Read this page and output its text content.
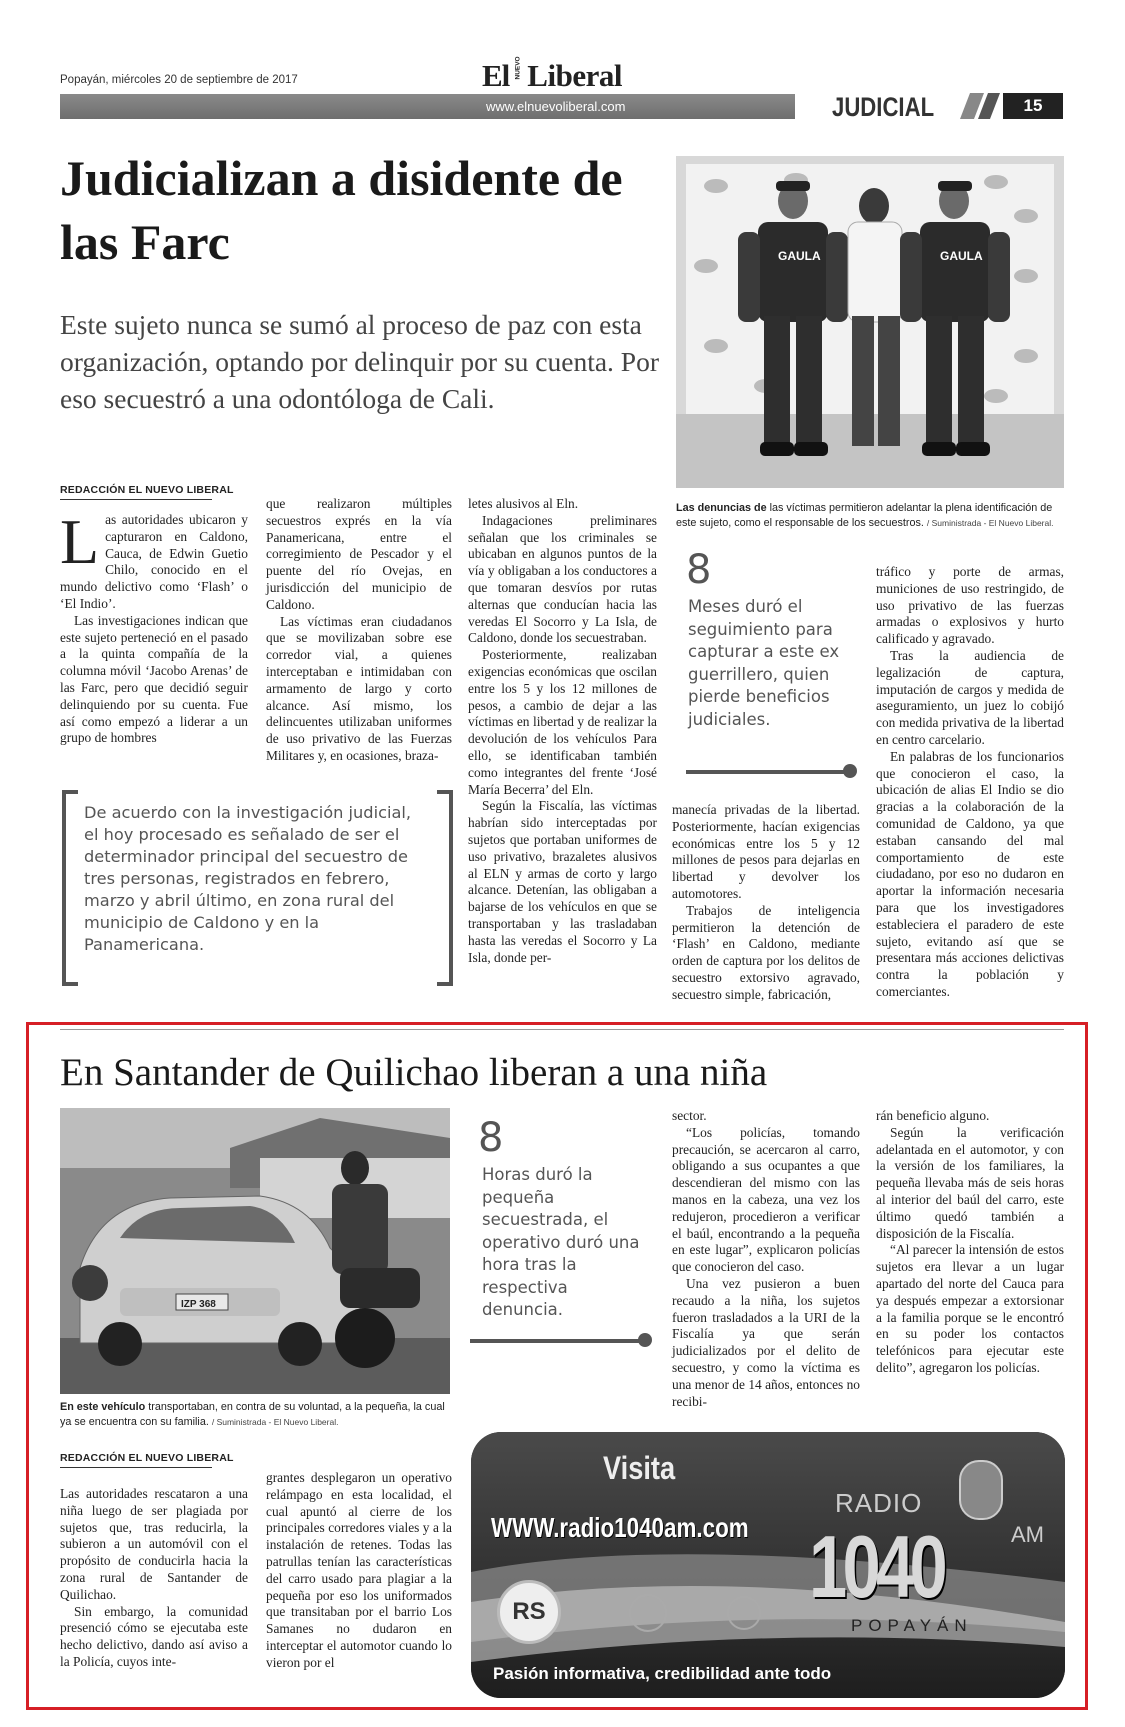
Popayán, miércoles 20 de septiembre de 2017	El NUEVO Liberal
www.elnuevoliberal.com	JUDICIAL	15
Judicializan a disidente de las Farc
Este sujeto nunca se sumó al proceso de paz con esta organización, optando por delinquir por su cuenta. Por eso secuestró a una odontóloga de Cali.
GAULA	GAULA
Las denuncias de las víctimas permitieron adelantar la plena identificación de este sujeto, como el responsable de los secuestros. / Suministrada - El Nuevo Liberal.
REDACCIÓN EL NUEVO LIBERAL

Las autoridades ubicaron y capturaron en Caldono, Cauca, de Edwin Guetio Chilo, conocido en el mundo delictivo como ‘Flash’ o ‘El Indio’.

Las investigaciones indican que este sujeto perteneció en el pasado a la quinta compañía de la columna móvil ‘Jacobo Arenas’ de las Farc, pero que decidió seguir delinquiendo por su cuenta. Fue así como empezó a liderar a un grupo de hombres

que realizaron múltiples secuestros exprés en la vía Panamericana, entre el corregimiento de Pescador y el puente del río Ovejas, en jurisdicción del municipio de Caldono.

Las víctimas eran ciudadanos que se movilizaban sobre ese corredor vial, a quienes interceptaban e intimidaban con armamento de largo y corto alcance. Así mismo, los delincuentes utilizaban uniformes de uso privativo de las Fuerzas Militares y, en ocasiones, braza-

letes alusivos al Eln.

Indagaciones preliminares señalan que los criminales se ubicaban en algunos puntos de la vía y obligaban a los conductores a que tomaran desvíos por rutas alternas que conducían hacia las veredas El Socorro y La Isla, de Caldono, donde los secuestraban.

Posteriormente, realizaban exigencias económicas que oscilan entre los 5 y los 12 millones de pesos, a cambio de dejar a las víctimas en libertad y de realizar la devolución de los vehículos Para ello, se identificaban también como integrantes del frente ‘José María Becerra’ del Eln.

Según la Fiscalía, las víctimas habrían sido interceptadas por sujetos que portaban uniformes de uso privativo, brazaletes alusivos al ELN y armas de corto y largo alcance. Detenían, las obligaban a bajarse de los vehículos en que se transportaban y las trasladaban hasta las veredas el Socorro y La Isla, donde per-

De acuerdo con la investigación judicial, el hoy procesado es señalado de ser el determinador principal del secuestro de tres personas, registrados en febrero, marzo y abril último, en zona rural del municipio de Caldono y en la Panamericana.
8
Meses duró el seguimiento para capturar a este ex guerrillero, quien pierde beneficios judiciales.

manecía privadas de la libertad. Posteriormente, hacían exigencias económicas entre los 5 y 12 millones de pesos para dejarlas en libertad y devolver los automotores.

Trabajos de inteligencia permitieron la detención de ‘Flash’ en Caldono, mediante orden de captura por los delitos de secuestro extorsivo agravado, secuestro simple, fabricación,

tráfico y porte de armas, municiones de uso restringido, de uso privativo de las fuerzas armadas o explosivos y hurto calificado y agravado.

Tras la audiencia de legalización de captura, imputación de cargos y medida de aseguramiento, un juez lo cobijó con medida privativa de la libertad en centro carcelario.

En palabras de los funcionarios que conocieron el caso, la ubicación de alias El Indio se dio gracias a la colaboración de la comunidad de Caldono, ya que estaban cansando del mal comportamiento de este ciudadano, por eso no dudaron en aportar la información necesaria para que los investigadores estableciera el paradero de este sujeto, evitando así que se presentara más acciones delictivas contra la población y comerciantes.

En Santander de Quilichao liberan a una niña
IZP 368
En este vehículo transportaban, en contra de su voluntad, a la pequeña, la cual ya se encuentra con su familia. / Suministrada - El Nuevo Liberal.
8
Horas duró la pequeña secuestrada, el operativo duró una hora tras la respectiva denuncia.

sector.

“Los policías, tomando precaución, se acercaron al carro, obligando a sus ocupantes a que descendieran del mismo con las manos en la cabeza, una vez los redujeron, procedieron a verificar el baúl, encontrando a la pequeña en este lugar”, explicaron policías que conocieron del caso.

Una vez pusieron a buen recaudo a la niña, los sujetos fueron trasladados a la URI de la Fiscalía ya que serán judicializados por el delito de secuestro, y como la víctima es una menor de 14 años, entonces no recibi-

rán beneficio alguno.

Según la verificación adelantada en el automotor, y con la versión de los familiares, la pequeña llevaba más de seis horas al interior del baúl del carro, este último quedó también a disposición de la Fiscalía.

“Al parecer la intensión de estos sujetos era llevar a un lugar apartado del norte del Cauca para ya después empezar a extorsionar a la familia porque se le encontró en su poder los contactos telefónicos para ejecutar este delito”, agregaron los policías.

REDACCIÓN EL NUEVO LIBERAL

Las autoridades rescataron a una niña luego de ser plagiada por sujetos que, tras reducirla, la subieron a un automóvil con el propósito de conducirla hacia la zona rural de Santander de Quilichao.

Sin embargo, la comunidad presenció cómo se ejecutaba este hecho delictivo, dando así aviso a la Policía, cuyos inte-

grantes desplegaron un operativo relámpago en esta localidad, el cual apuntó al cierre de los principales corredores viales y a la instalación de retenes. Todas las patrullas tenían las características del carro usado para plagiar a la pequeña por eso los uniformados que transitaban por el barrio Los Samanes no dudaron en interceptar el automotor cuando lo vieron por el

Visita
WWW.radio1040am.com
RADIO
1040	AM
POPAYÁN
RS
Pasión informativa, credibilidad ante todo
